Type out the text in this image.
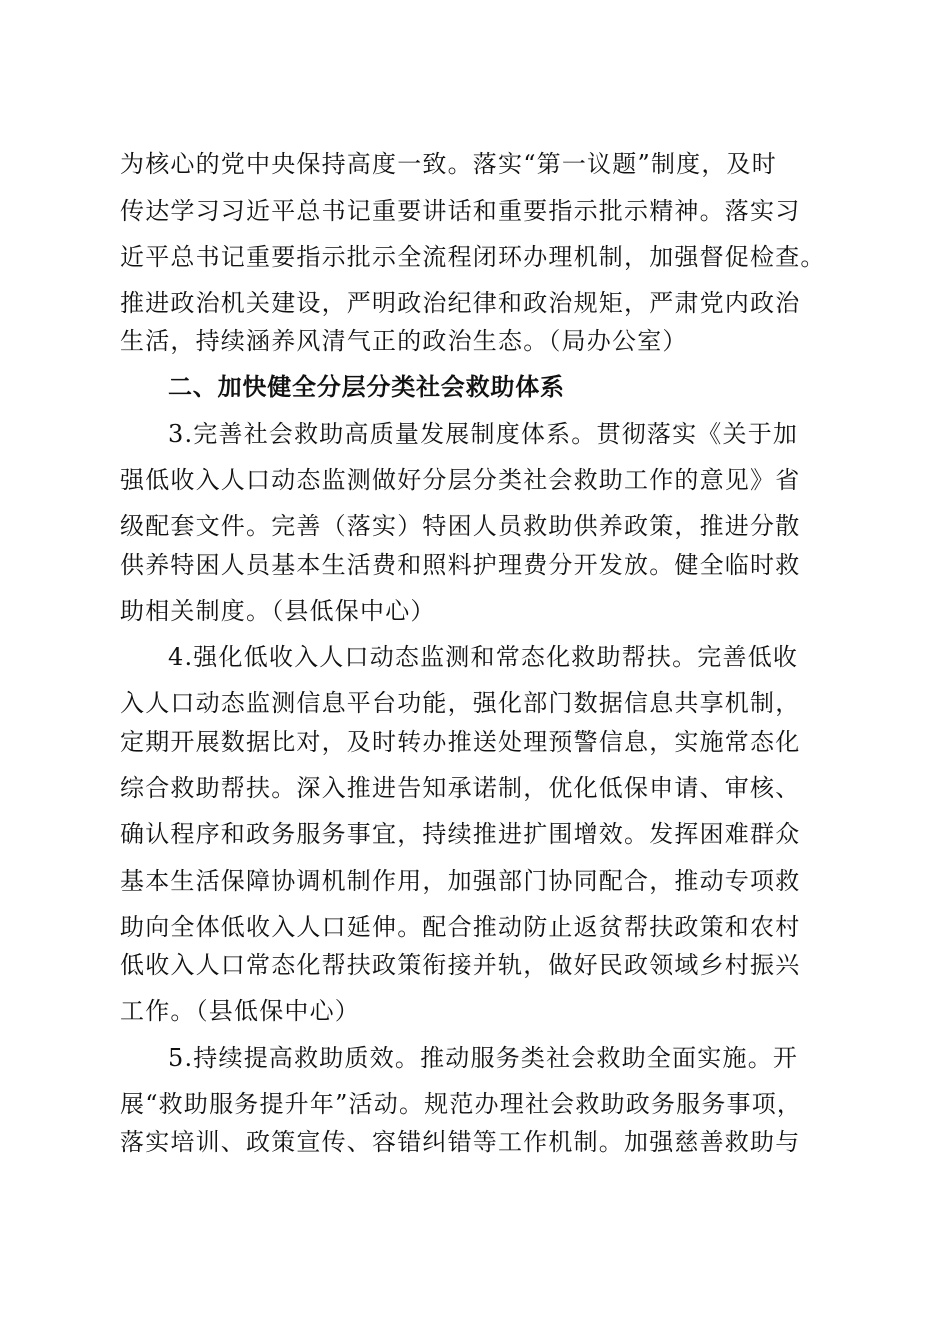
为核心的党中央保持高度一致。落实“第一议题”制度，及时
传达学习习近平总书记重要讲话和重要指示批示精神。落实习
近平总书记重要指示批示全流程闭环办理机制，加强督促检查。
推进政治机关建设，严明政治纪律和政治规矩，严肃党内政治
生活，持续涵养风清气正的政治生态。（局办公室）
二、加快健全分层分类社会救助体系
3.完善社会救助高质量发展制度体系。贯彻落实《关于加
强低收入人口动态监测做好分层分类社会救助工作的意见》省
级配套文件。完善（落实）特困人员救助供养政策，推进分散
供养特困人员基本生活费和照料护理费分开发放。健全临时救
助相关制度。（县低保中心）
4.强化低收入人口动态监测和常态化救助帮扶。完善低收
入人口动态监测信息平台功能，强化部门数据信息共享机制，
定期开展数据比对，及时转办推送处理预警信息，实施常态化
综合救助帮扶。深入推进告知承诺制，优化低保申请、审核、
确认程序和政务服务事宜，持续推进扩围增效。发挥困难群众
基本生活保障协调机制作用，加强部门协同配合，推动专项救
助向全体低收入人口延伸。配合推动防止返贫帮扶政策和农村
低收入人口常态化帮扶政策衔接并轨，做好民政领域乡村振兴
工作。（县低保中心）
5.持续提高救助质效。推动服务类社会救助全面实施。开
展“救助服务提升年”活动。规范办理社会救助政务服务事项，
落实培训、政策宣传、容错纠错等工作机制。加强慈善救助与
